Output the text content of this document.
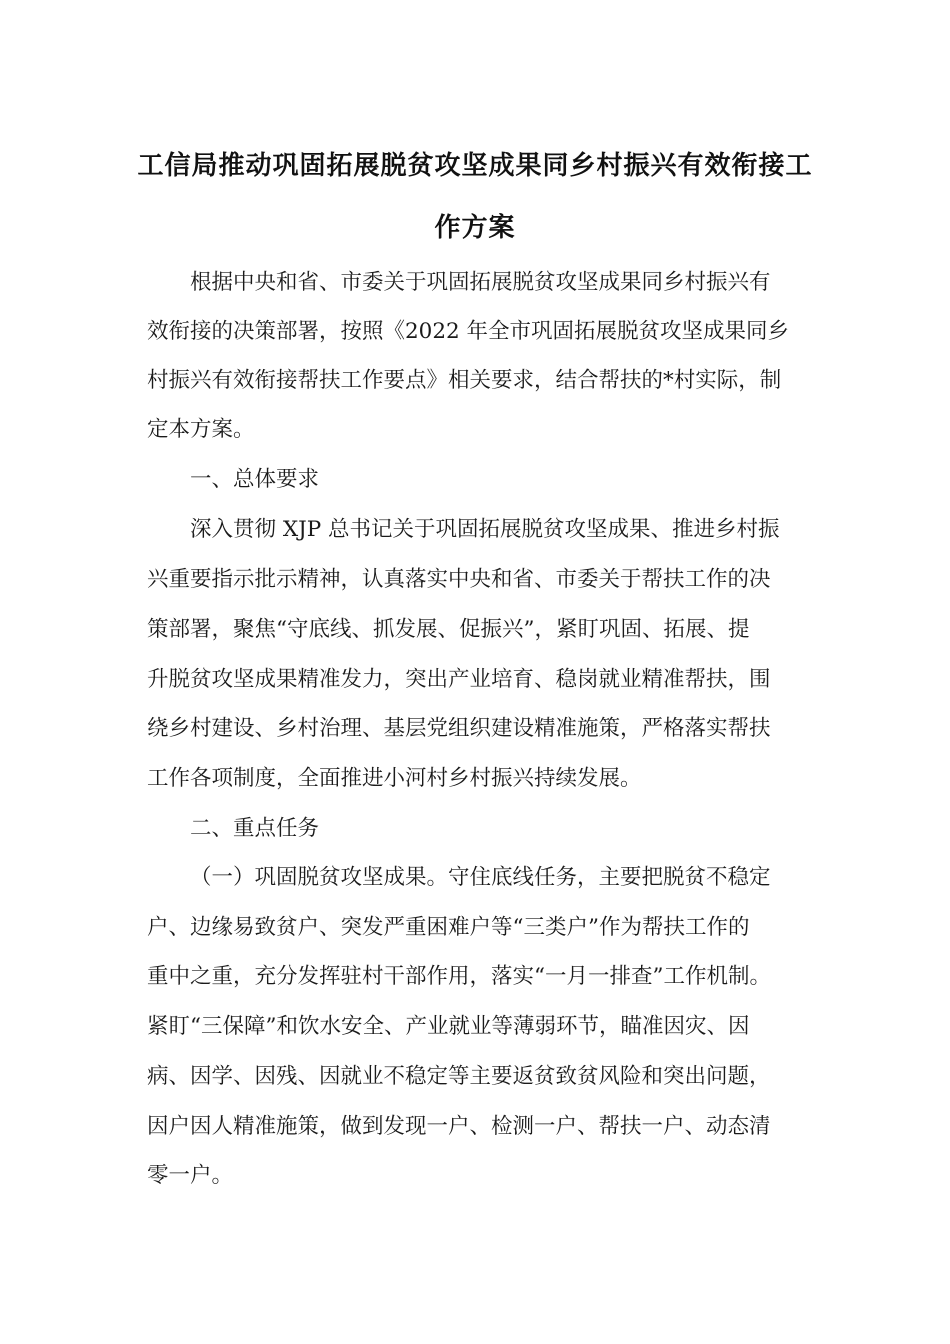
工信局推动巩固拓展脱贫攻坚成果同乡村振兴有效衔接工
作方案
根据中央和省、市委关于巩固拓展脱贫攻坚成果同乡村振兴有
效衔接的决策部署，按照《2022 年全市巩固拓展脱贫攻坚成果同乡
村振兴有效衔接帮扶工作要点》相关要求，结合帮扶的*村实际，制
定本方案。
一、总体要求
深入贯彻 XJP 总书记关于巩固拓展脱贫攻坚成果、推进乡村振
兴重要指示批示精神，认真落实中央和省、市委关于帮扶工作的决
策部署，聚焦“守底线、抓发展、促振兴”，紧盯巩固、拓展、提
升脱贫攻坚成果精准发力，突出产业培育、稳岗就业精准帮扶，围
绕乡村建设、乡村治理、基层党组织建设精准施策，严格落实帮扶
工作各项制度，全面推进小河村乡村振兴持续发展。
二、重点任务
（一）巩固脱贫攻坚成果。守住底线任务，主要把脱贫不稳定
户、边缘易致贫户、突发严重困难户等“三类户”作为帮扶工作的
重中之重，充分发挥驻村干部作用，落实“一月一排查”工作机制。
紧盯“三保障”和饮水安全、产业就业等薄弱环节，瞄准因灾、因
病、因学、因残、因就业不稳定等主要返贫致贫风险和突出问题，
因户因人精准施策，做到发现一户、检测一户、帮扶一户、动态清
零一户。
